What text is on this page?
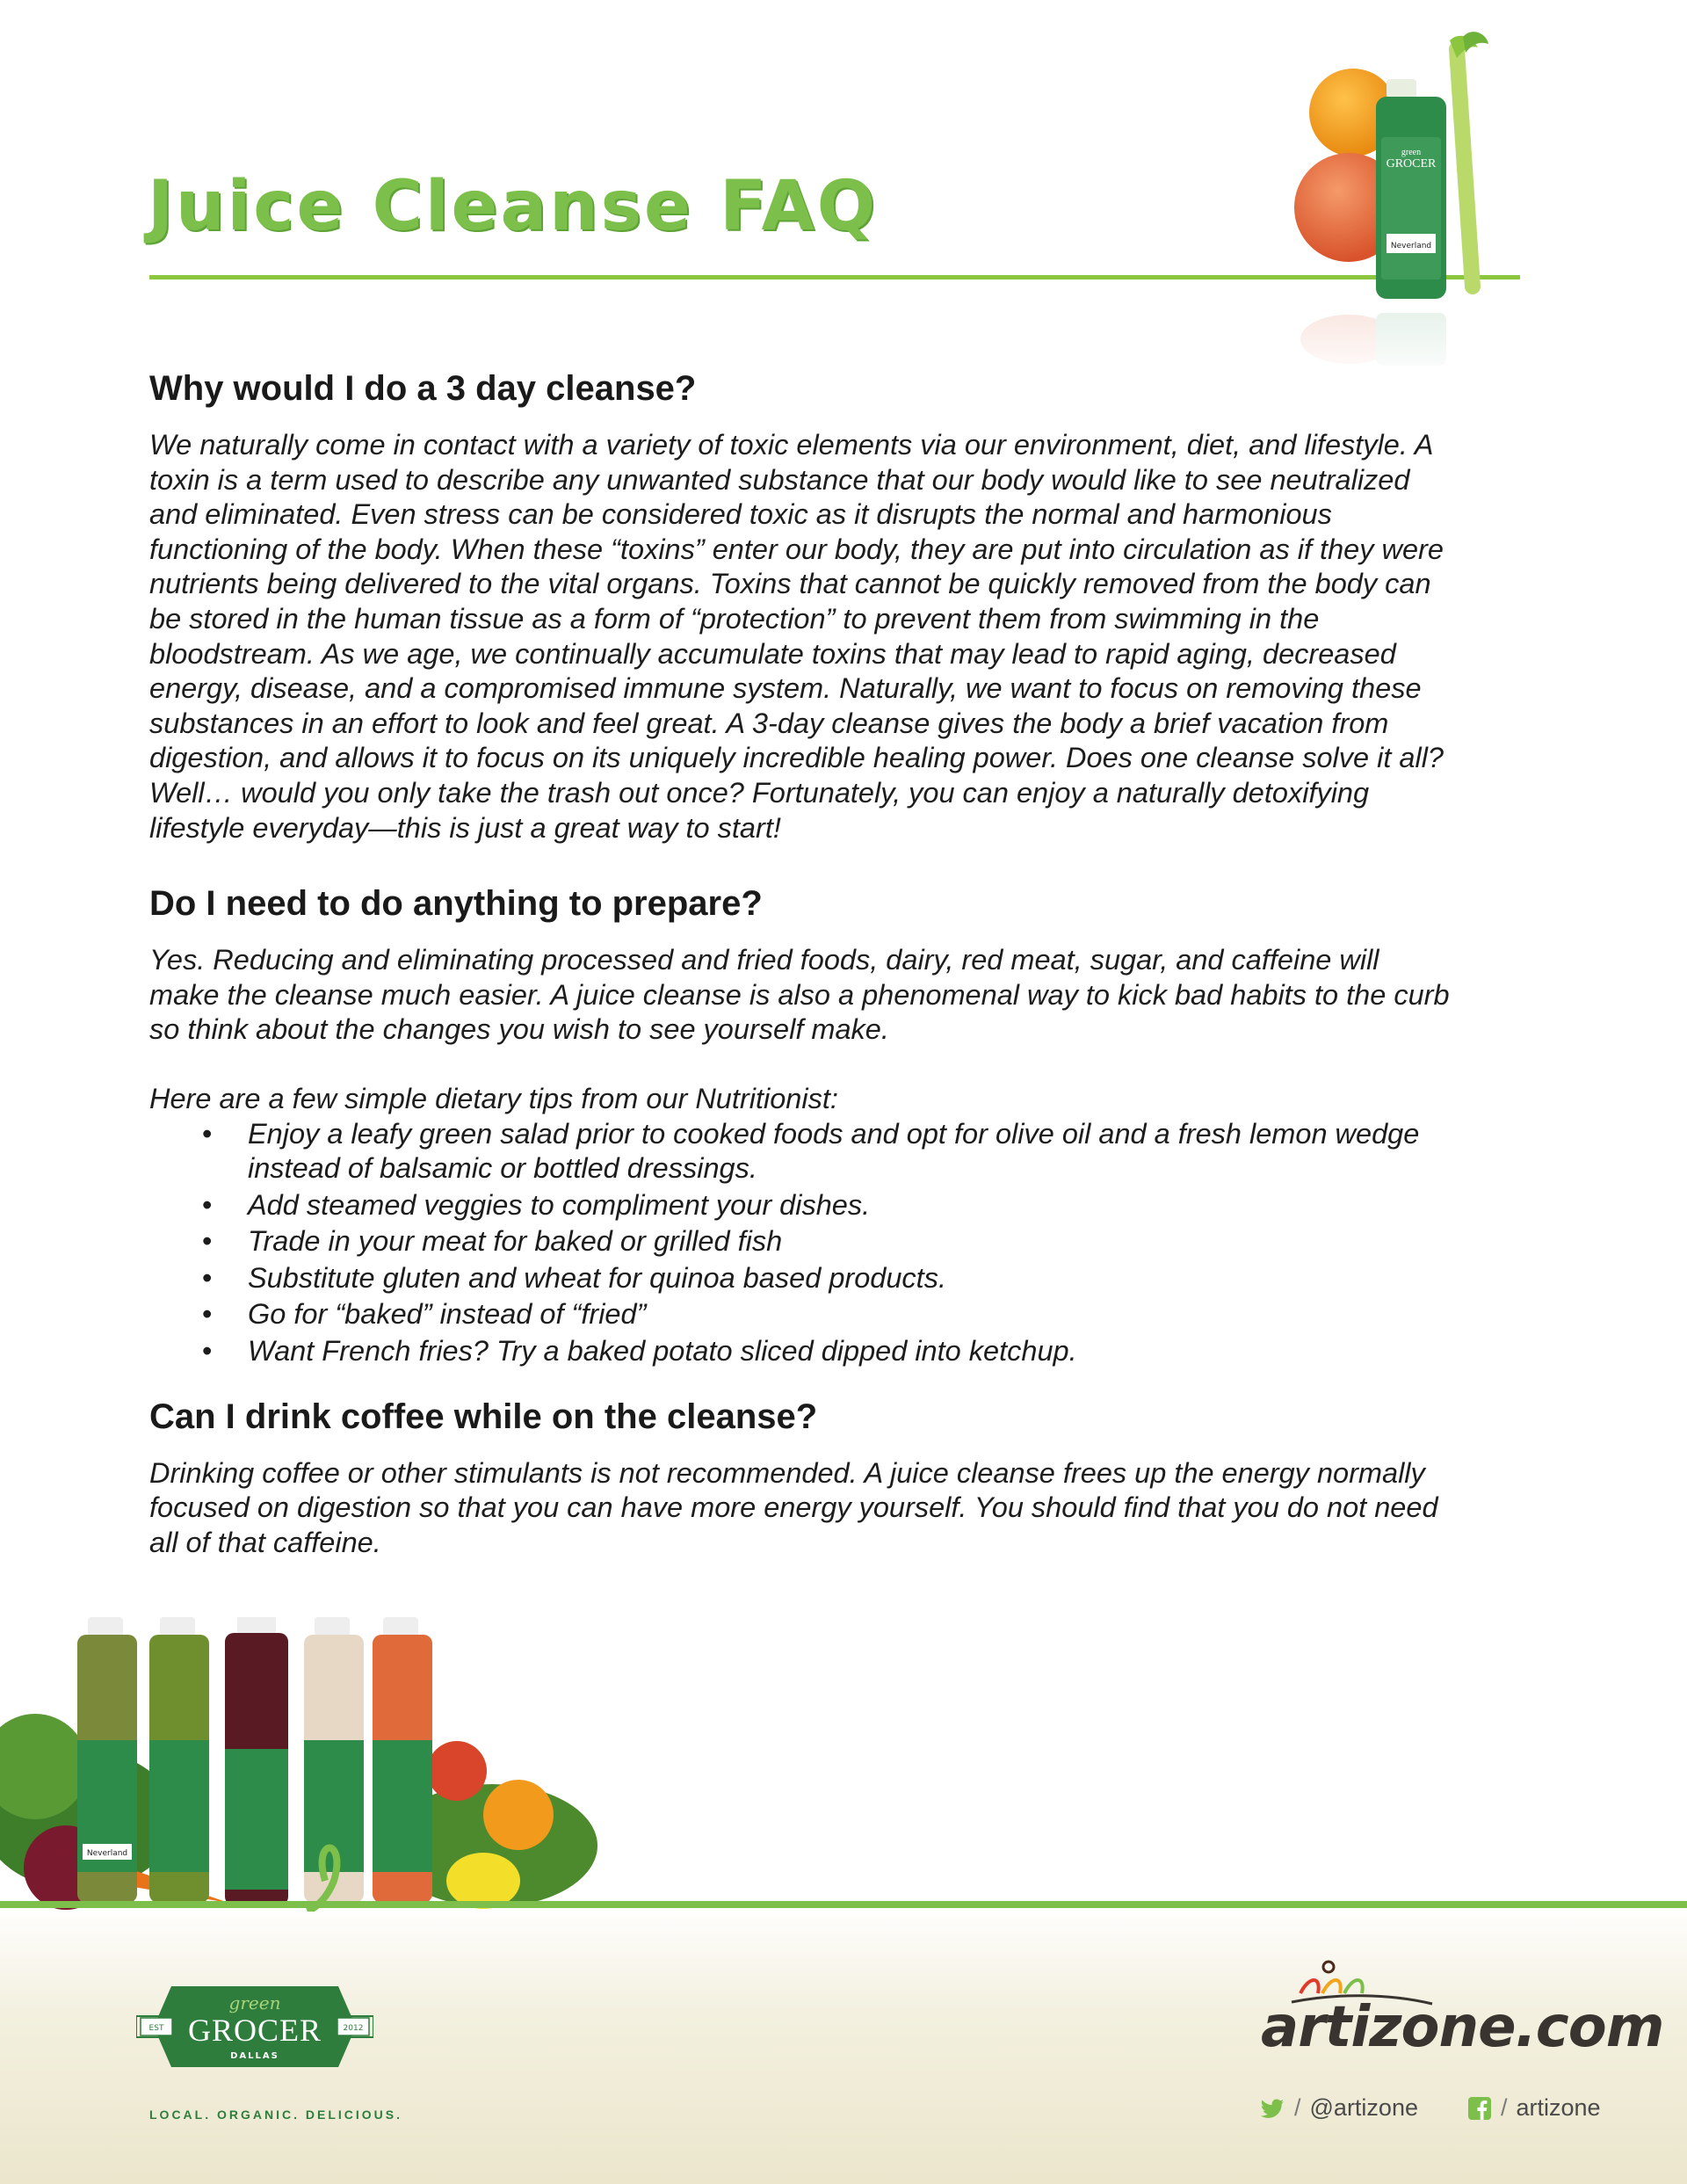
Juice Cleanse FAQ
green
GROCER
Neverland
Why would I do a 3 day cleanse?

We naturally come in contact with a variety of toxic elements via our environment, diet, and lifestyle. A
toxin is a term used to describe any unwanted substance that our body would like to see neutralized
and eliminated. Even stress can be considered toxic as it disrupts the normal and harmonious
functioning of the body. When these “toxins” enter our body, they are put into circulation as if they were
nutrients being delivered to the vital organs. Toxins that cannot be quickly removed from the body can
be stored in the human tissue as a form of “protection” to prevent them from swimming in the
bloodstream. As we age, we continually accumulate toxins that may lead to rapid aging, decreased
energy, disease, and a compromised immune system. Naturally, we want to focus on removing these
substances in an effort to look and feel great. A 3-day cleanse gives the body a brief vacation from
digestion, and allows it to focus on its uniquely incredible healing power. Does one cleanse solve it all?
Well… would you only take the trash out once? Fortunately, you can enjoy a naturally detoxifying
lifestyle everyday—this is just a great way to start!

Do I need to do anything to prepare?

Yes. Reducing and eliminating processed and fried foods, dairy, red meat, sugar, and caffeine will
make the cleanse much easier. A juice cleanse is also a phenomenal way to kick bad habits to the curb
so think about the changes you wish to see yourself make.

Here are a few simple dietary tips from our Nutritionist:

• Enjoy a leafy green salad prior to cooked foods and opt for olive oil and a fresh lemon wedge
instead of balsamic or bottled dressings.
• Add steamed veggies to compliment your dishes.
• Trade in your meat for baked or grilled fish
• Substitute gluten and wheat for quinoa based products.
• Go for “baked” instead of “fried”
• Want French fries? Try a baked potato sliced dipped into ketchup.
Can I drink coffee while on the cleanse?

Drinking coffee or other stimulants is not recommended. A juice cleanse frees up the energy normally
focused on digestion so that you can have more energy yourself. You should find that you do not need
all of that caffeine.

Neverland
EST	2012
green
GROCER
DALLAS
LOCAL. ORGANIC. DELICIOUS.
artizone.com
/ @artizone	/ artizone
